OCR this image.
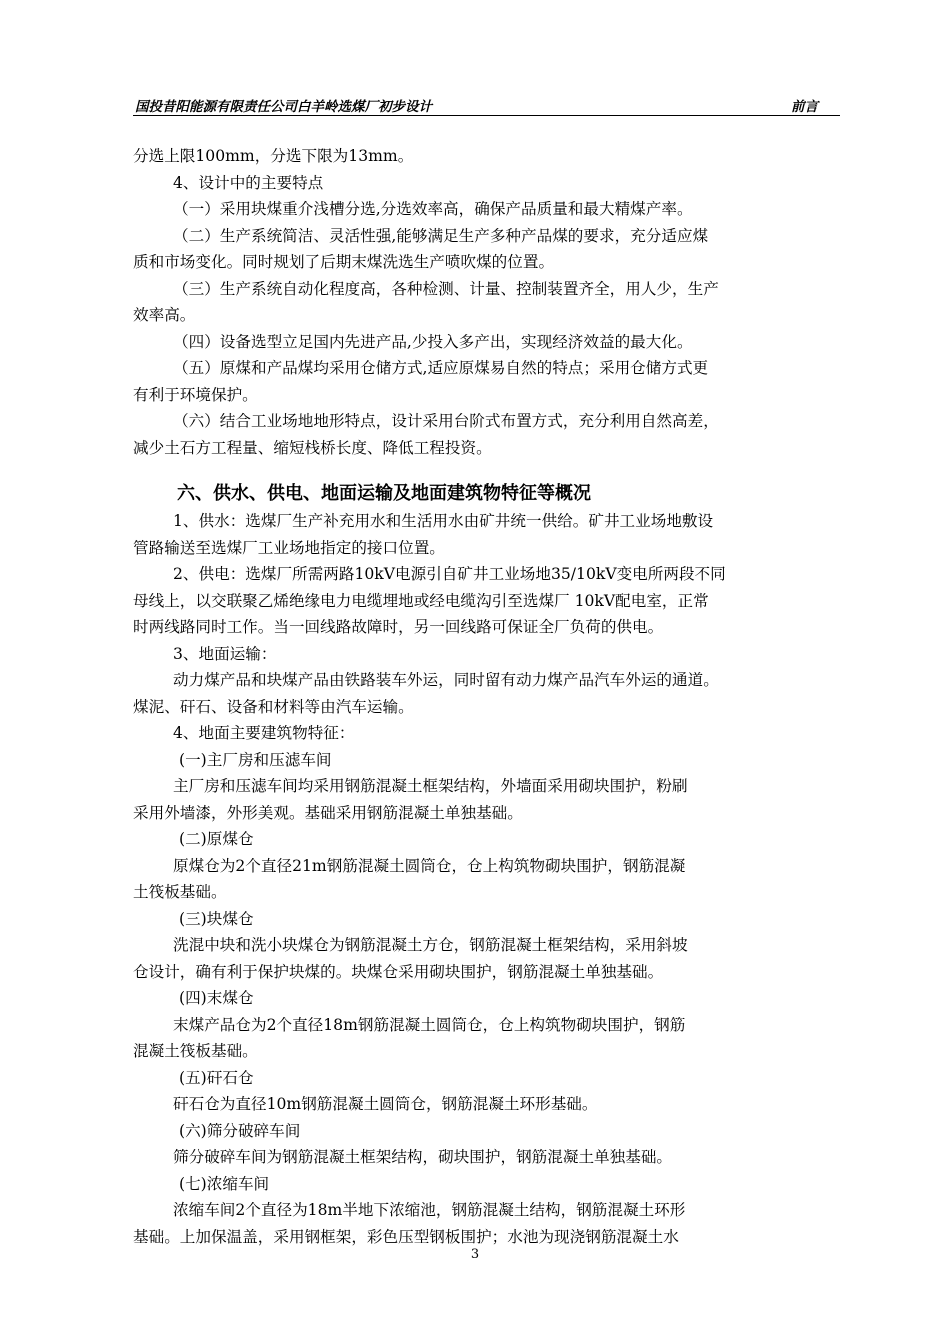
国投昔阳能源有限责任公司白羊岭选煤厂初步设计	前言

分选上限100mm，分选下限为13mm。

4、设计中的主要特点

（一）采用块煤重介浅槽分选,分选效率高，确保产品质量和最大精煤产率。

（二）生产系统简洁、灵活性强,能够满足生产多种产品煤的要求，充分适应煤

质和市场变化。同时规划了后期末煤洗选生产喷吹煤的位置。

（三）生产系统自动化程度高，各种检测、计量、控制装置齐全，用人少，生产

效率高。

（四）设备选型立足国内先进产品,少投入多产出，实现经济效益的最大化。

（五）原煤和产品煤均采用仓储方式,适应原煤易自然的特点；采用仓储方式更

有利于环境保护。

（六）结合工业场地地形特点，设计采用台阶式布置方式，充分利用自然高差，

减少土石方工程量、缩短栈桥长度、降低工程投资。

六、供水、供电、地面运输及地面建筑物特征等概况

1、供水：选煤厂生产补充用水和生活用水由矿井统一供给。矿井工业场地敷设

管路输送至选煤厂工业场地指定的接口位置。

2、供电：选煤厂所需两路10kV电源引自矿井工业场地35/10kV变电所两段不同

母线上，以交联聚乙烯绝缘电力电缆埋地或经电缆沟引至选煤厂 10kV配电室，正常

时两线路同时工作。当一回线路故障时，另一回线路可保证全厂负荷的供电。

3、地面运输：

动力煤产品和块煤产品由铁路装车外运，同时留有动力煤产品汽车外运的通道。

煤泥、矸石、设备和材料等由汽车运输。

4、地面主要建筑物特征：

(一)主厂房和压滤车间

主厂房和压滤车间均采用钢筋混凝土框架结构，外墙面采用砌块围护，粉刷

采用外墙漆，外形美观。基础采用钢筋混凝土单独基础。

(二)原煤仓

原煤仓为2个直径21m钢筋混凝土圆筒仓，仓上构筑物砌块围护，钢筋混凝

土筏板基础。

(三)块煤仓

洗混中块和洗小块煤仓为钢筋混凝土方仓，钢筋混凝土框架结构，采用斜坡

仓设计，确有利于保护块煤的。块煤仓采用砌块围护，钢筋混凝土单独基础。

(四)末煤仓

末煤产品仓为2个直径18m钢筋混凝土圆筒仓，仓上构筑物砌块围护，钢筋

混凝土筏板基础。

(五)矸石仓

矸石仓为直径10m钢筋混凝土圆筒仓，钢筋混凝土环形基础。

(六)筛分破碎车间

筛分破碎车间为钢筋混凝土框架结构，砌块围护，钢筋混凝土单独基础。

(七)浓缩车间

浓缩车间2个直径为18m半地下浓缩池，钢筋混凝土结构，钢筋混凝土环形

基础。上加保温盖，采用钢框架，彩色压型钢板围护；水池为现浇钢筋混凝土水

3
